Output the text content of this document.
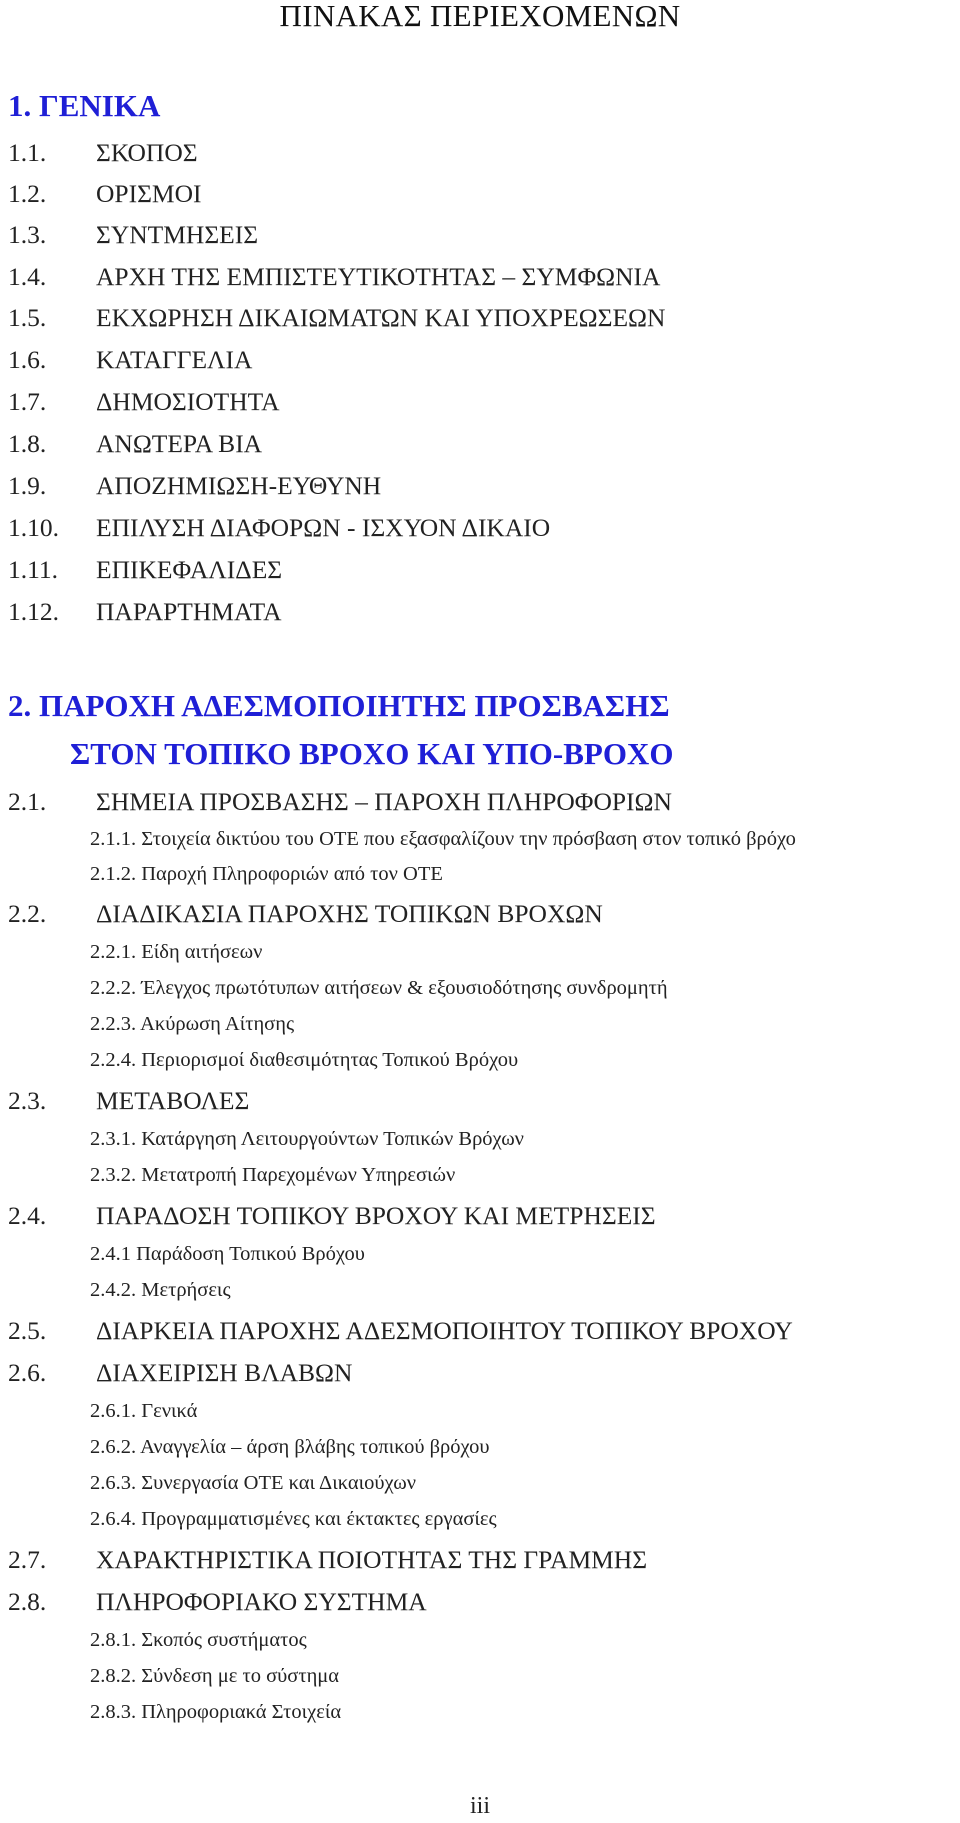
ΠΙΝΑΚΑΣ ΠΕΡΙΕΧΟΜΕΝΩΝ
1. ΓΕΝΙΚΑ
1.1. ΣΚΟΠΟΣ
1.2. ΟΡΙΣΜΟΙ
1.3. ΣΥΝΤΜΗΣΕΙΣ
1.4. ΑΡΧΗ ΤΗΣ ΕΜΠΙΣΤΕΥΤΙΚΟΤΗΤΑΣ – ΣΥΜΦΩΝΙΑ
1.5. ΕΚΧΩΡΗΣΗ ΔΙΚΑΙΩΜΑΤΩΝ ΚΑΙ ΥΠΟΧΡΕΩΣΕΩΝ
1.6. ΚΑΤΑΓΓΕΛΙΑ
1.7. ΔΗΜΟΣΙΟΤΗΤΑ
1.8. ΑΝΩΤΕΡΑ ΒΙΑ
1.9. ΑΠΟΖΗΜΙΩΣΗ-ΕΥΘΥΝΗ
1.10. ΕΠΙΛΥΣΗ ΔΙΑΦΟΡΩΝ - ΙΣΧΥΟΝ ΔΙΚΑΙΟ
1.11. ΕΠΙΚΕΦΑΛΙΔΕΣ
1.12. ΠΑΡΑΡΤΗΜΑΤΑ
2. ΠΑΡΟΧΗ ΑΔΕΣΜΟΠΟΙΗΤΗΣ ΠΡΟΣΒΑΣΗΣ
ΣΤΟΝ ΤΟΠΙΚΟ ΒΡΟΧΟ ΚΑΙ ΥΠΟ-ΒΡΟΧΟ
2.1. ΣΗΜΕΙΑ ΠΡΟΣΒΑΣΗΣ – ΠΑΡΟΧΗ ΠΛΗΡΟΦΟΡΙΩΝ
2.1.1. Στοιχεία δικτύου του ΟΤΕ που εξασφαλίζουν την πρόσβαση στον τοπικό βρόχο
2.1.2. Παροχή Πληροφοριών από τον ΟΤΕ
2.2. ΔΙΑΔΙΚΑΣΙΑ ΠΑΡΟΧΗΣ ΤΟΠΙΚΩΝ ΒΡΟΧΩΝ
2.2.1. Είδη αιτήσεων
2.2.2. Έλεγχος πρωτότυπων αιτήσεων & εξουσιοδότησης συνδρομητή
2.2.3. Ακύρωση Αίτησης
2.2.4. Περιορισμοί διαθεσιμότητας Τοπικού Βρόχου
2.3. ΜΕΤΑΒΟΛΕΣ
2.3.1. Κατάργηση Λειτουργούντων Τοπικών Βρόχων
2.3.2. Μετατροπή Παρεχομένων Υπηρεσιών
2.4. ΠΑΡΑΔΟΣΗ ΤΟΠΙΚΟΥ ΒΡΟΧΟΥ ΚΑΙ ΜΕΤΡΗΣΕΙΣ
2.4.1 Παράδοση Τοπικού Βρόχου
2.4.2. Μετρήσεις
2.5. ΔΙΑΡΚΕΙΑ ΠΑΡΟΧΗΣ ΑΔΕΣΜΟΠΟΙΗΤΟΥ ΤΟΠΙΚΟΥ ΒΡΟΧΟΥ
2.6. ΔΙΑΧΕΙΡΙΣΗ ΒΛΑΒΩΝ
2.6.1. Γενικά
2.6.2. Αναγγελία – άρση βλάβης τοπικού βρόχου
2.6.3. Συνεργασία ΟΤΕ και Δικαιούχων
2.6.4. Προγραμματισμένες και έκτακτες εργασίες
2.7. ΧΑΡΑΚΤΗΡΙΣΤΙΚΑ ΠΟΙΟΤΗΤΑΣ ΤΗΣ ΓΡΑΜΜΗΣ
2.8. ΠΛΗΡΟΦΟΡΙΑΚΟ ΣΥΣΤΗΜΑ
2.8.1. Σκοπός συστήματος
2.8.2. Σύνδεση με το σύστημα
2.8.3. Πληροφοριακά Στοιχεία
iii
